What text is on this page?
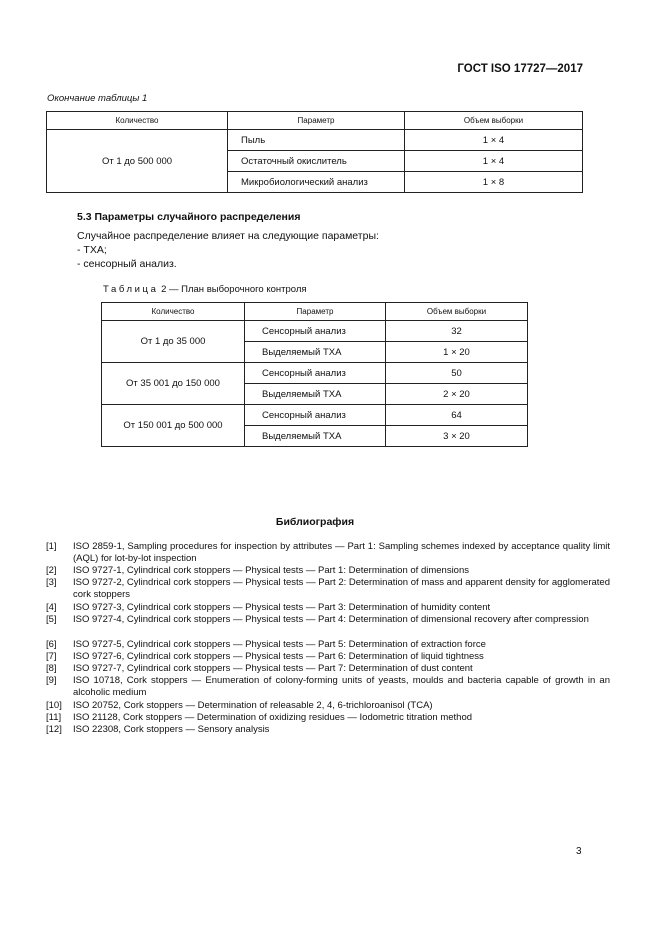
ГОСТ ISO 17727—2017
Окончание таблицы 1
Количество	Параметр	Объем выборки
От 1 до 500 000	Пыль	1 × 4
	Остаточный окислитель	1 × 4
	Микробиологический анализ	1 × 8
5.3 Параметры случайного распределения
Случайное распределение влияет на следующие параметры:
- ТХА;
- сенсорный анализ.
Таблица 2 — План выборочного контроля
Количество	Параметр	Объем выборки
От 1 до 35 000	Сенсорный анализ	32
	Выделяемый ТХА	1 × 20
От 35 001 до 150 000	Сенсорный анализ	50
	Выделяемый ТХА	2 × 20
От 150 001 до 500 000	Сенсорный анализ	64
	Выделяемый ТХА	3 × 20
Библиография
[1]	ISO 2859-1, Sampling procedures for inspection by attributes — Part 1: Sampling schemes indexed by acceptance quality limit (AQL) for lot-by-lot inspection
[2]	ISO 9727-1, Cylindrical cork stoppers — Physical tests — Part 1: Determination of dimensions
[3]	ISO 9727-2, Cylindrical cork stoppers — Physical tests — Part 2: Determination of mass and apparent density for agglomerated cork stoppers
[4]	ISO 9727-3, Cylindrical cork stoppers — Physical tests — Part 3: Determination of humidity content
[5]	ISO 9727-4, Cylindrical cork stoppers — Physical tests — Part 4: Determination of dimensional recovery after compression
[6]	ISO 9727-5, Cylindrical cork stoppers — Physical tests — Part 5: Determination of extraction force
[7]	ISO 9727-6, Cylindrical cork stoppers — Physical tests — Part 6: Determination of liquid tightness
[8]	ISO 9727-7, Cylindrical cork stoppers — Physical tests — Part 7: Determination of dust content
[9]	ISO 10718, Cork stoppers — Enumeration of colony-forming units of yeasts, moulds and bacteria capable of growth in an alcoholic medium
[10]	ISO 20752, Cork stoppers — Determination of releasable 2, 4, 6-trichloroanisol (TCA)
[11]	ISO 21128, Cork stoppers — Determination of oxidizing residues — Iodometric titration method
[12]	ISO 22308, Cork stoppers — Sensory analysis
3
